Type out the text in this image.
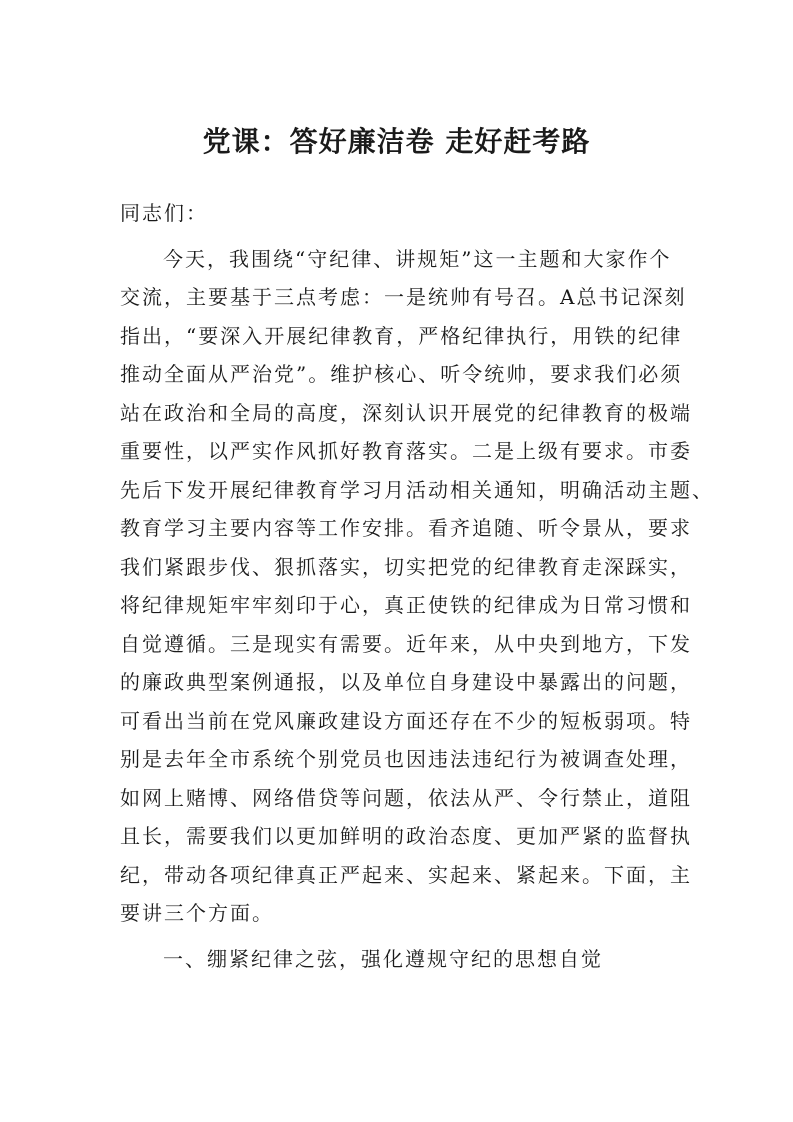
党课：答好廉洁卷 走好赶考路
同志们：
今天，我围绕“守纪律、讲规矩”这一主题和大家作个
交流，主要基于三点考虑：一是统帅有号召。A总书记深刻
指出，“要深入开展纪律教育，严格纪律执行，用铁的纪律
推动全面从严治党”。维护核心、听令统帅，要求我们必须
站在政治和全局的高度，深刻认识开展党的纪律教育的极端
重要性，以严实作风抓好教育落实。二是上级有要求。市委
先后下发开展纪律教育学习月活动相关通知，明确活动主题、
教育学习主要内容等工作安排。看齐追随、听令景从，要求
我们紧跟步伐、狠抓落实，切实把党的纪律教育走深踩实，
将纪律规矩牢牢刻印于心，真正使铁的纪律成为日常习惯和
自觉遵循。三是现实有需要。近年来，从中央到地方，下发
的廉政典型案例通报，以及单位自身建设中暴露出的问题，
可看出当前在党风廉政建设方面还存在不少的短板弱项。特
别是去年全市系统个别党员也因违法违纪行为被调查处理，
如网上赌博、网络借贷等问题，依法从严、令行禁止，道阻
且长，需要我们以更加鲜明的政治态度、更加严紧的监督执
纪，带动各项纪律真正严起来、实起来、紧起来。下面，主
要讲三个方面。
一、绷紧纪律之弦，强化遵规守纪的思想自觉
